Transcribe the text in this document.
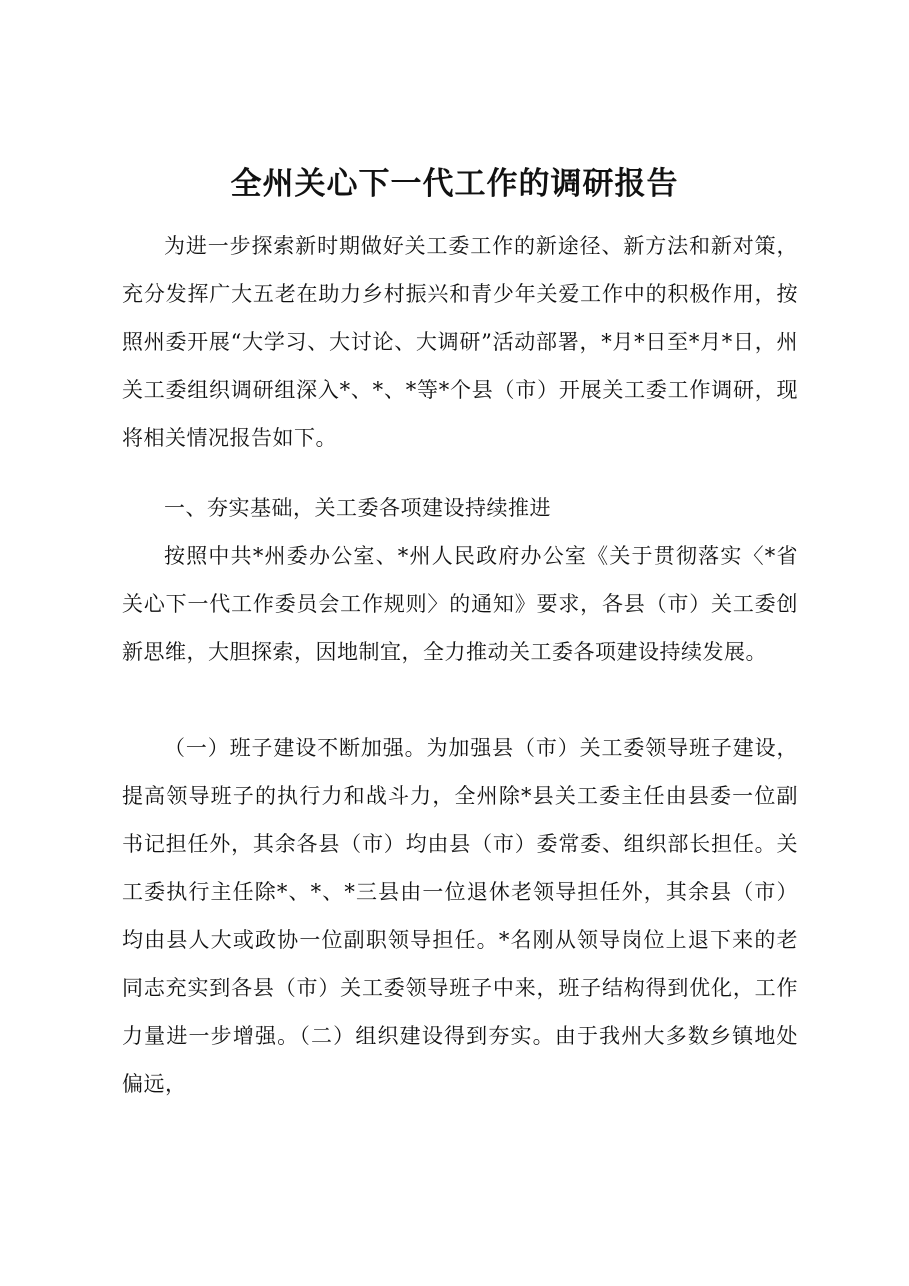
全州关心下一代工作的调研报告

为进一步探索新时期做好关工委工作的新途径、新方法和新对策，充分发挥广大五老在助力乡村振兴和青少年关爱工作中的积极作用，按照州委开展“大学习、大讨论、大调研”活动部署，*月*日至*月*日，州关工委组织调研组深入*、*、*等*个县（市）开展关工委工作调研，现将相关情况报告如下。

一、夯实基础，关工委各项建设持续推进

按照中共*州委办公室、*州人民政府办公室《关于贯彻落实〈*省关心下一代工作委员会工作规则〉的通知》要求，各县（市）关工委创新思维，大胆探索，因地制宜，全力推动关工委各项建设持续发展。

（一）班子建设不断加强。为加强县（市）关工委领导班子建设，提高领导班子的执行力和战斗力，全州除*县关工委主任由县委一位副书记担任外，其余各县（市）均由县（市）委常委、组织部长担任。关工委执行主任除*、*、*三县由一位退休老领导担任外，其余县（市）均由县人大或政协一位副职领导担任。*名刚从领导岗位上退下来的老同志充实到各县（市）关工委领导班子中来，班子结构得到优化，工作力量进一步增强。（二）组织建设得到夯实。由于我州大多数乡镇地处偏远，
